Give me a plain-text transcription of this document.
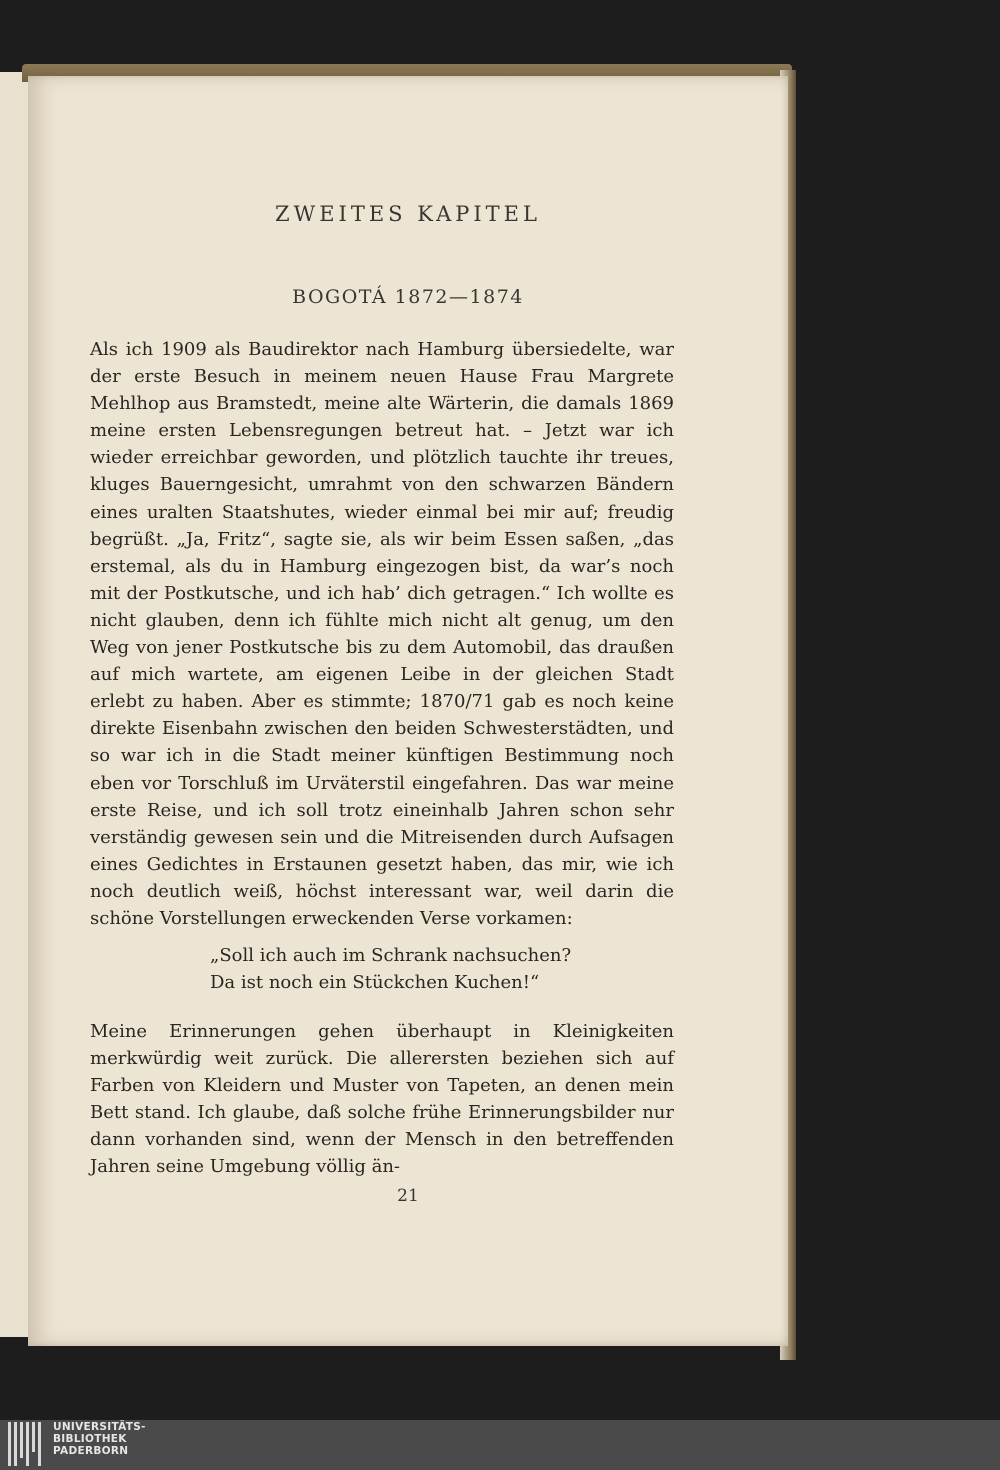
ZWEITES KAPITEL
BOGOTÁ 1872—1874

Als ich 1909 als Baudirektor nach Hamburg übersiedelte, war der erste Besuch in meinem neuen Hause Frau Margrete Mehlhop aus Bramstedt, meine alte Wärterin, die damals 1869 meine ersten Lebensregungen betreut hat. – Jetzt war ich wieder erreichbar geworden, und plötzlich tauchte ihr treues, kluges Bauerngesicht, umrahmt von den schwarzen Bändern eines uralten Staatshutes, wieder einmal bei mir auf; freudig begrüßt. „Ja, Fritz“, sagte sie, als wir beim Essen saßen, „das erstemal, als du in Hamburg eingezogen bist, da war’s noch mit der Postkutsche, und ich hab’ dich getragen.“ Ich wollte es nicht glauben, denn ich fühlte mich nicht alt genug, um den Weg von jener Postkutsche bis zu dem Automobil, das draußen auf mich wartete, am eigenen Leibe in der gleichen Stadt erlebt zu haben. Aber es stimmte; 1870/71 gab es noch keine direkte Eisenbahn zwischen den beiden Schwesterstädten, und so war ich in die Stadt meiner künftigen Bestimmung noch eben vor Torschluß im Urväterstil eingefahren. Das war meine erste Reise, und ich soll trotz eineinhalb Jahren schon sehr verständig gewesen sein und die Mitreisenden durch Aufsagen eines Gedichtes in Erstaunen gesetzt haben, das mir, wie ich noch deutlich weiß, höchst interessant war, weil darin die schöne Vorstellungen erweckenden Verse vorkamen:

„Soll ich auch im Schrank nachsuchen?
Da ist noch ein Stückchen Kuchen!“

Meine Erinnerungen gehen überhaupt in Kleinigkeiten merkwürdig weit zurück. Die allerersten beziehen sich auf Farben von Kleidern und Muster von Tapeten, an denen mein Bett stand. Ich glaube, daß solche frühe Erinnerungsbilder nur dann vorhanden sind, wenn der Mensch in den betreffenden Jahren seine Umgebung völlig än-

21
UNIVERSITÄTS-
BIBLIOTHEK
PADERBORN
